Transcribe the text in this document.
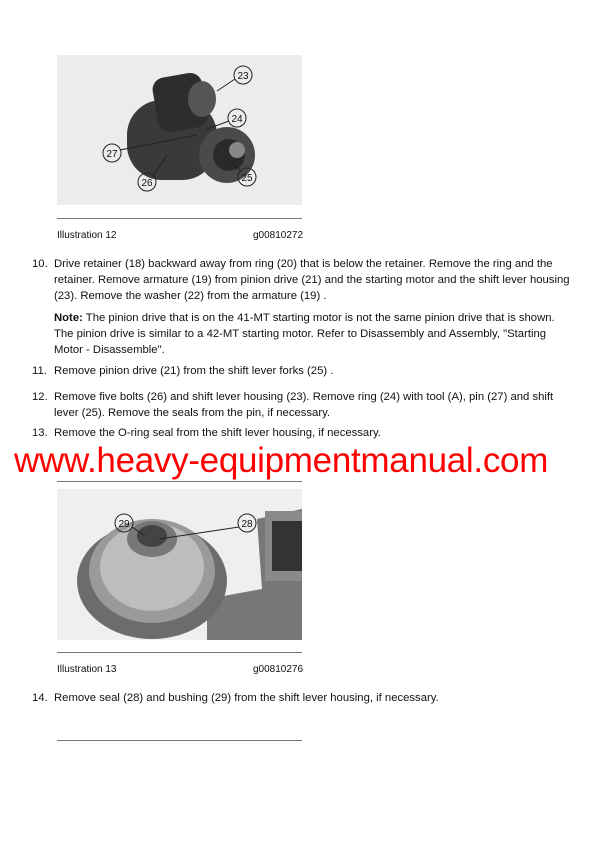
23
24
27
26	25
Illustration 12	g00810272
10. Drive retainer (18) backward away from ring (20) that is below the retainer. Remove the ring and the retainer. Remove armature (19) from pinion drive (21) and the starting motor and the shift lever housing (23). Remove the washer (22) from the armature (19) .
Note: The pinion drive that is on the 41-MT starting motor is not the same pinion drive that is shown. The pinion drive is similar to a 42-MT starting motor. Refer to Disassembly and Assembly, "Starting Motor - Disassemble".
11. Remove pinion drive (21) from the shift lever forks (25) .
12. Remove five bolts (26) and shift lever housing (23). Remove ring (24) with tool (A), pin (27) and shift lever (25). Remove the seals from the pin, if necessary.
13. Remove the O-ring seal from the shift lever housing, if necessary.
www.heavy-equipmentmanual.com
29	28
Illustration 13	g00810276
14. Remove seal (28) and bushing (29) from the shift lever housing, if necessary.
